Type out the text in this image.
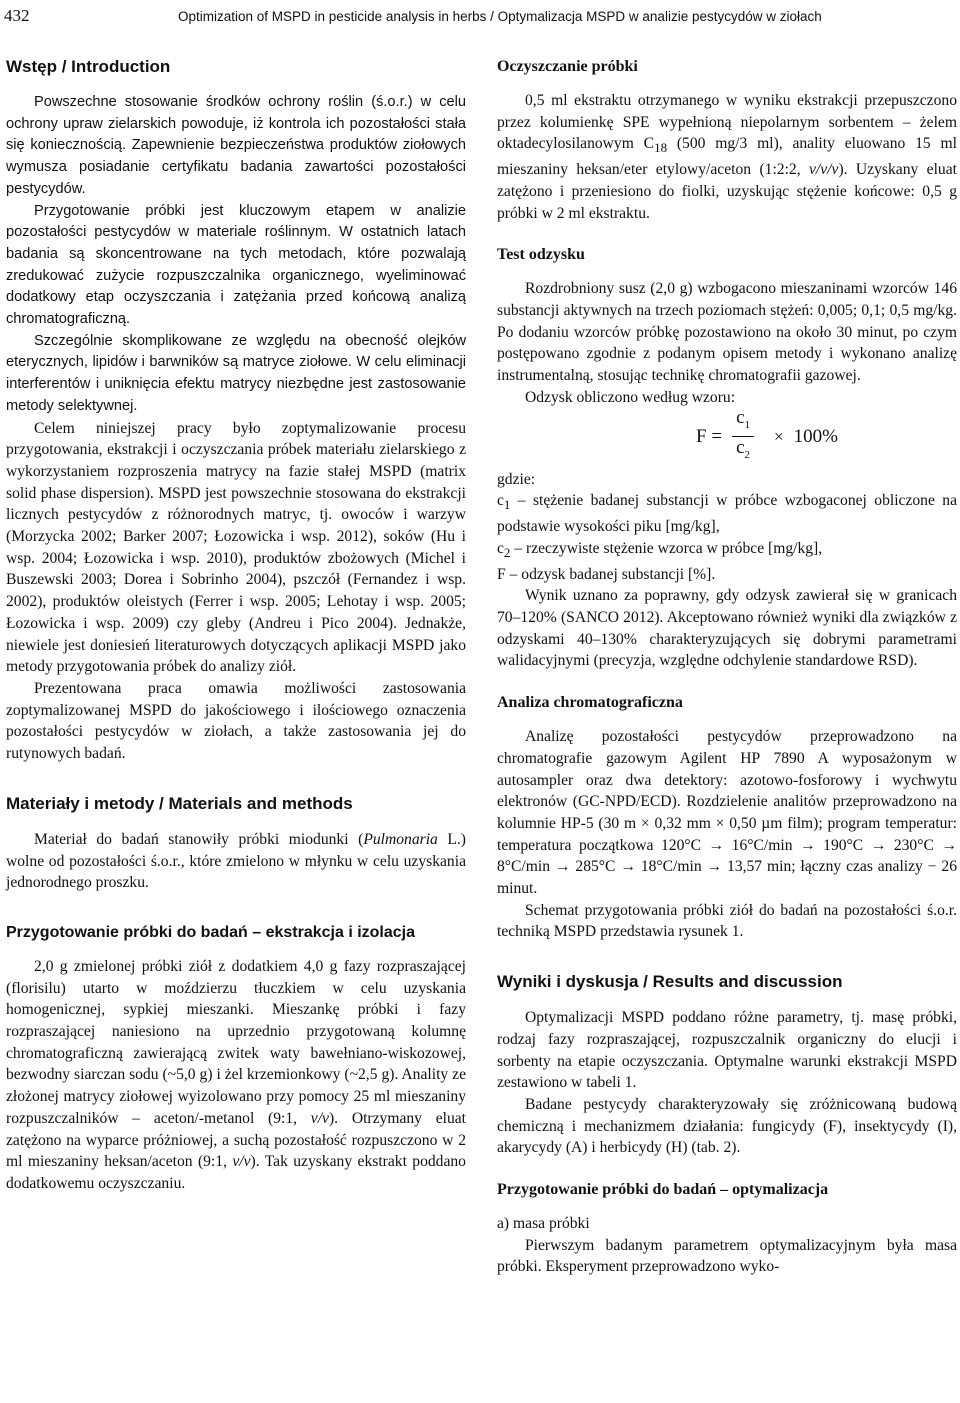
432	Optimization of MSPD in pesticide analysis in herbs / Optymalizacja MSPD w analizie pestycydów w ziołach
Wstęp / Introduction

Powszechne stosowanie środków ochrony roślin (ś.o.r.) w celu ochrony upraw zielarskich powoduje, iż kontrola ich pozostałości stała się koniecznością. Zapewnienie bezpieczeństwa produktów ziołowych wymusza posiadanie certyfikatu badania zawartości pozostałości pestycydów.

Przygotowanie próbki jest kluczowym etapem w analizie pozostałości pestycydów w materiale roślinnym. W ostatnich latach badania są skoncentrowane na tych metodach, które pozwalają zredukować zużycie rozpuszczalnika organicznego, wyeliminować dodatkowy etap oczyszczania i zatężania przed końcową analizą chromatograficzną.

Szczególnie skomplikowane ze względu na obecność olejków eterycznych, lipidów i barwników są matryce ziołowe. W celu eliminacji interferentów i uniknięcia efektu matrycy niezbędne jest zastosowanie metody selektywnej.

Celem niniejszej pracy było zoptymalizowanie procesu przygotowania, ekstrakcji i oczyszczania próbek materiału zielarskiego z wykorzystaniem rozproszenia matrycy na fazie stałej MSPD (matrix solid phase dispersion). MSPD jest powszechnie stosowana do ekstrakcji licznych pestycydów z różnorodnych matryc, tj. owoców i warzyw (Morzycka 2002; Barker 2007; Łozowicka i wsp. 2012), soków (Hu i wsp. 2004; Łozowicka i wsp. 2010), produktów zbożowych (Michel i Buszewski 2003; Dorea i Sobrinho 2004), pszczół (Fernandez i wsp. 2002), produktów oleistych (Ferrer i wsp. 2005; Lehotay i wsp. 2005; Łozowicka i wsp. 2009) czy gleby (Andreu i Pico 2004). Jednakże, niewiele jest doniesień literaturowych dotyczących aplikacji MSPD jako metody przygotowania próbek do analizy ziół.

Prezentowana praca omawia możliwości zastosowania zoptymalizowanej MSPD do jakościowego i ilościowego oznaczenia pozostałości pestycydów w ziołach, a także zastosowania jej do rutynowych badań.

Materiały i metody / Materials and methods

Materiał do badań stanowiły próbki miodunki (Pulmonaria L.) wolne od pozostałości ś.o.r., które zmielono w młynku w celu uzyskania jednorodnego proszku.

Przygotowanie próbki do badań – ekstrakcja i izolacja

2,0 g zmielonej próbki ziół z dodatkiem 4,0 g fazy rozpraszającej (florisilu) utarto w moździerzu tłuczkiem w celu uzyskania homogenicznej, sypkiej mieszanki. Mieszankę próbki i fazy rozpraszającej naniesiono na uprzednio przygotowaną kolumnę chromatograficzną zawierającą zwitek waty bawełniano-wiskozowej, bezwodny siarczan sodu (~5,0 g) i żel krzemionkowy (~2,5 g). Anality ze złożonej matrycy ziołowej wyizolowano przy pomocy 25 ml mieszaniny rozpuszczalników – aceton/-metanol (9:1, v/v). Otrzymany eluat zatężono na wyparce próżniowej, a suchą pozostałość rozpuszczono w 2 ml mieszaniny heksan/aceton (9:1, v/v). Tak uzyskany ekstrakt poddano dodatkowemu oczyszczaniu.

Oczyszczanie próbki

0,5 ml ekstraktu otrzymanego w wyniku ekstrakcji przepuszczono przez kolumienkę SPE wypełnioną niepolarnym sorbentem – żelem oktadecylosilanowym $C_{18}$ (500 mg/3 ml), anality eluowano 15 ml mieszaniny heksan/eter etylowy/aceton (1:2:2, v/v/v). Uzyskany eluat zatężono i przeniesiono do fiolki, uzyskując stężenie końcowe: 0,5 g próbki w 2 ml ekstraktu.

Test odzysku

Rozdrobniony susz (2,0 g) wzbogacono mieszaninami wzorców 146 substancji aktywnych na trzech poziomach stężeń: 0,005; 0,1; 0,5 mg/kg. Po dodaniu wzorców próbkę pozostawiono na około 30 minut, po czym postępowano zgodnie z podanym opisem metody i wykonano analizę instrumentalną, stosując technikę chromatografii gazowej.

Odzysk obliczono według wzoru:

$F = \frac{c_1}{c_2} \times 100\%$

gdzie:

$c_1$ – stężenie badanej substancji w próbce wzbogaconej obliczone na podstawie wysokości piku [mg/kg],

$c_2$ – rzeczywiste stężenie wzorca w próbce [mg/kg],

F – odzysk badanej substancji [%].

Wynik uznano za poprawny, gdy odzysk zawierał się w granicach 70–120% (SANCO 2012). Akceptowano również wyniki dla związków z odzyskami 40–130% charakteryzujących się dobrymi parametrami walidacyjnymi (precyzja, względne odchylenie standardowe RSD).

Analiza chromatograficzna

Analizę pozostałości pestycydów przeprowadzono na chromatografie gazowym Agilent HP 7890 A wyposażonym w autosampler oraz dwa detektory: azotowo-fosforowy i wychwytu elektronów (GC-NPD/ECD). Rozdzielenie analitów przeprowadzono na kolumnie HP-5 (30 m × 0,32 mm × 0,50 µm film); program temperatur: temperatura początkowa 120°C → 16°C/min → 190°C → 230°C → 8°C/min → 285°C → 18°C/min → 13,57 min; łączny czas analizy − 26 minut.

Schemat przygotowania próbki ziół do badań na pozostałości ś.o.r. techniką MSPD przedstawia rysunek 1.

Wyniki i dyskusja / Results and discussion

Optymalizacji MSPD poddano różne parametry, tj. masę próbki, rodzaj fazy rozpraszającej, rozpuszczalnik organiczny do elucji i sorbenty na etapie oczyszczania. Optymalne warunki ekstrakcji MSPD zestawiono w tabeli 1.

Badane pestycydy charakteryzowały się zróżnicowaną budową chemiczną i mechanizmem działania: fungicydy (F), insektycydy (I), akarycydy (A) i herbicydy (H) (tab. 2).

Przygotowanie próbki do badań – optymalizacja

a) masa próbki

Pierwszym badanym parametrem optymalizacyjnym była masa próbki. Eksperyment przeprowadzono wyko-
